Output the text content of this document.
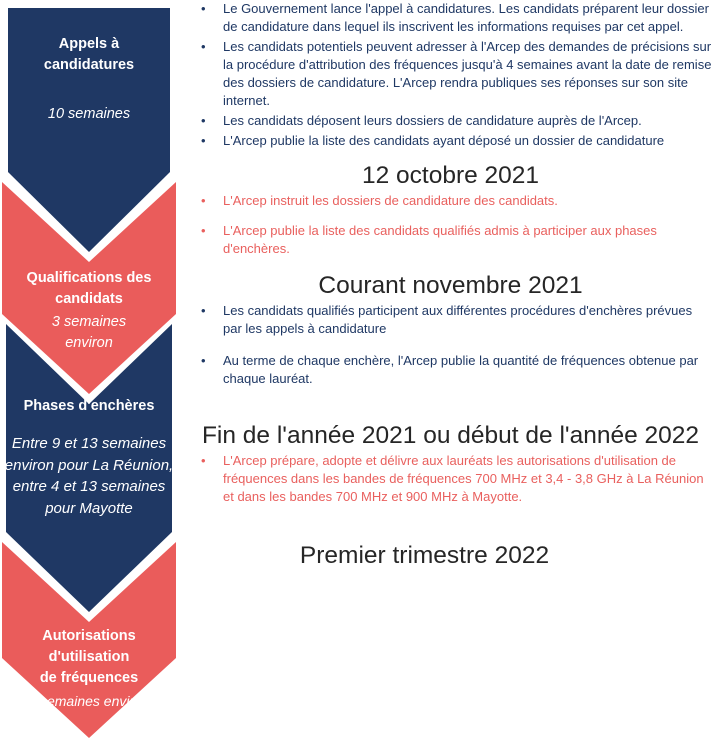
Appels à
candidatures
10 semaines
Qualifications des
candidats
3 semaines
environ
Phases d'enchères
Entre 9 et 13 semaines
environ pour La Réunion,
entre 4 et 13 semaines
pour Mayotte
Autorisations d'utilisation
de fréquences
3 semaines environ
•	Le Gouvernement lance l'appel à candidatures. Les candidats préparent leur dossier de candidature dans lequel ils inscrivent les informations requises par cet appel.
•	Les candidats potentiels peuvent adresser à l'Arcep des demandes de précisions sur la procédure d'attribution des fréquences jusqu'à 4 semaines avant la date de remise des dossiers de candidature. L'Arcep rendra publiques ses réponses sur son site internet.
•	Les candidats déposent leurs dossiers de candidature auprès de l'Arcep.
•	L'Arcep publie la liste des candidats ayant déposé un dossier de candidature
12 octobre 2021
•	L'Arcep instruit les dossiers de candidature des candidats.
•	L'Arcep publie la liste des candidats qualifiés admis à participer aux phases d'enchères.
Courant novembre 2021
•	Les candidats qualifiés participent aux différentes procédures d'enchères prévues par les appels à candidature
•	Au terme de chaque enchère, l'Arcep publie la quantité de fréquences obtenue par chaque lauréat.
Fin de l'année 2021 ou début de l'année 2022
•	L'Arcep prépare, adopte et délivre aux lauréats les autorisations d'utilisation de fréquences dans les bandes de fréquences 700 MHz et 3,4 - 3,8 GHz à La Réunion et dans les bandes 700 MHz et 900 MHz à Mayotte.
Premier trimestre 2022
